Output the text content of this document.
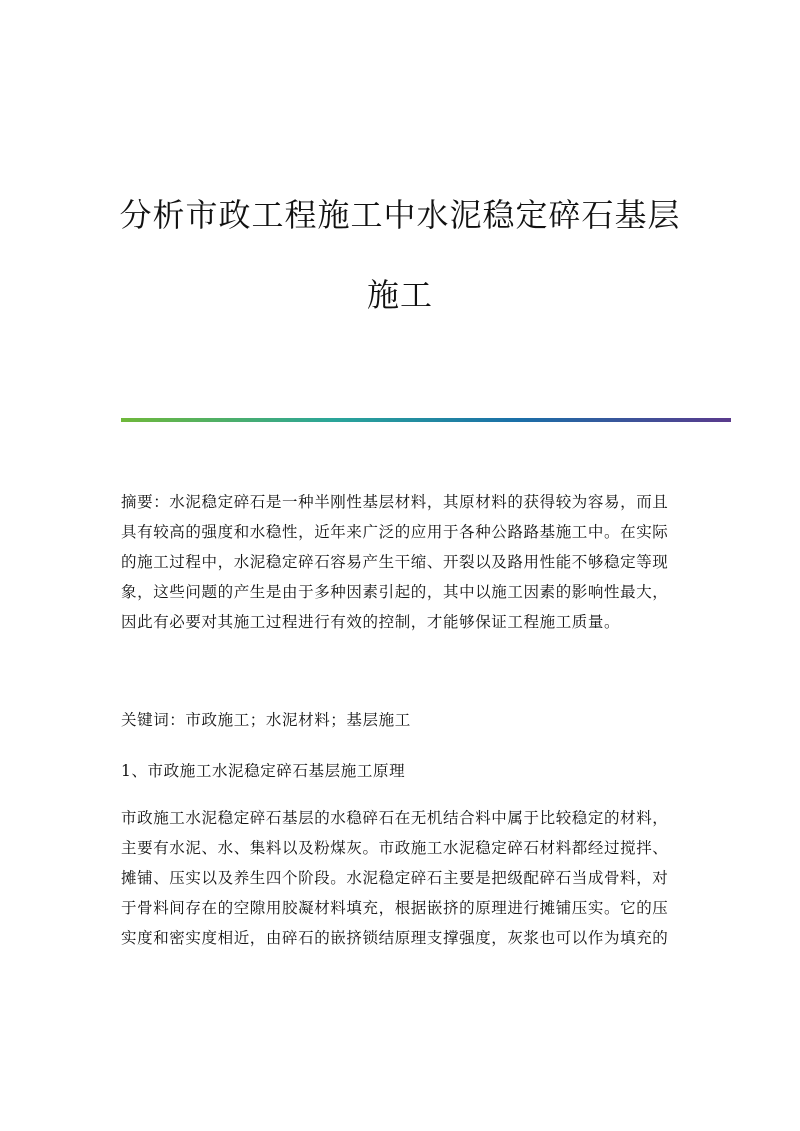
分析市政工程施工中水泥稳定碎石基层
施工
摘要：水泥稳定碎石是一种半刚性基层材料，其原材料的获得较为容易，而且
具有较高的强度和水稳性，近年来广泛的应用于各种公路路基施工中。在实际
的施工过程中，水泥稳定碎石容易产生干缩、开裂以及路用性能不够稳定等现
象，这些问题的产生是由于多种因素引起的，其中以施工因素的影响性最大，
因此有必要对其施工过程进行有效的控制，才能够保证工程施工质量。
关键词：市政施工；水泥材料；基层施工
1、市政施工水泥稳定碎石基层施工原理
市政施工水泥稳定碎石基层的水稳碎石在无机结合料中属于比较稳定的材料，
主要有水泥、水、集料以及粉煤灰。市政施工水泥稳定碎石材料都经过搅拌、
摊铺、压实以及养生四个阶段。水泥稳定碎石主要是把级配碎石当成骨料，对
于骨料间存在的空隙用胶凝材料填充，根据嵌挤的原理进行摊铺压实。它的压
实度和密实度相近，由碎石的嵌挤锁结原理支撑强度，灰浆也可以作为填充的
